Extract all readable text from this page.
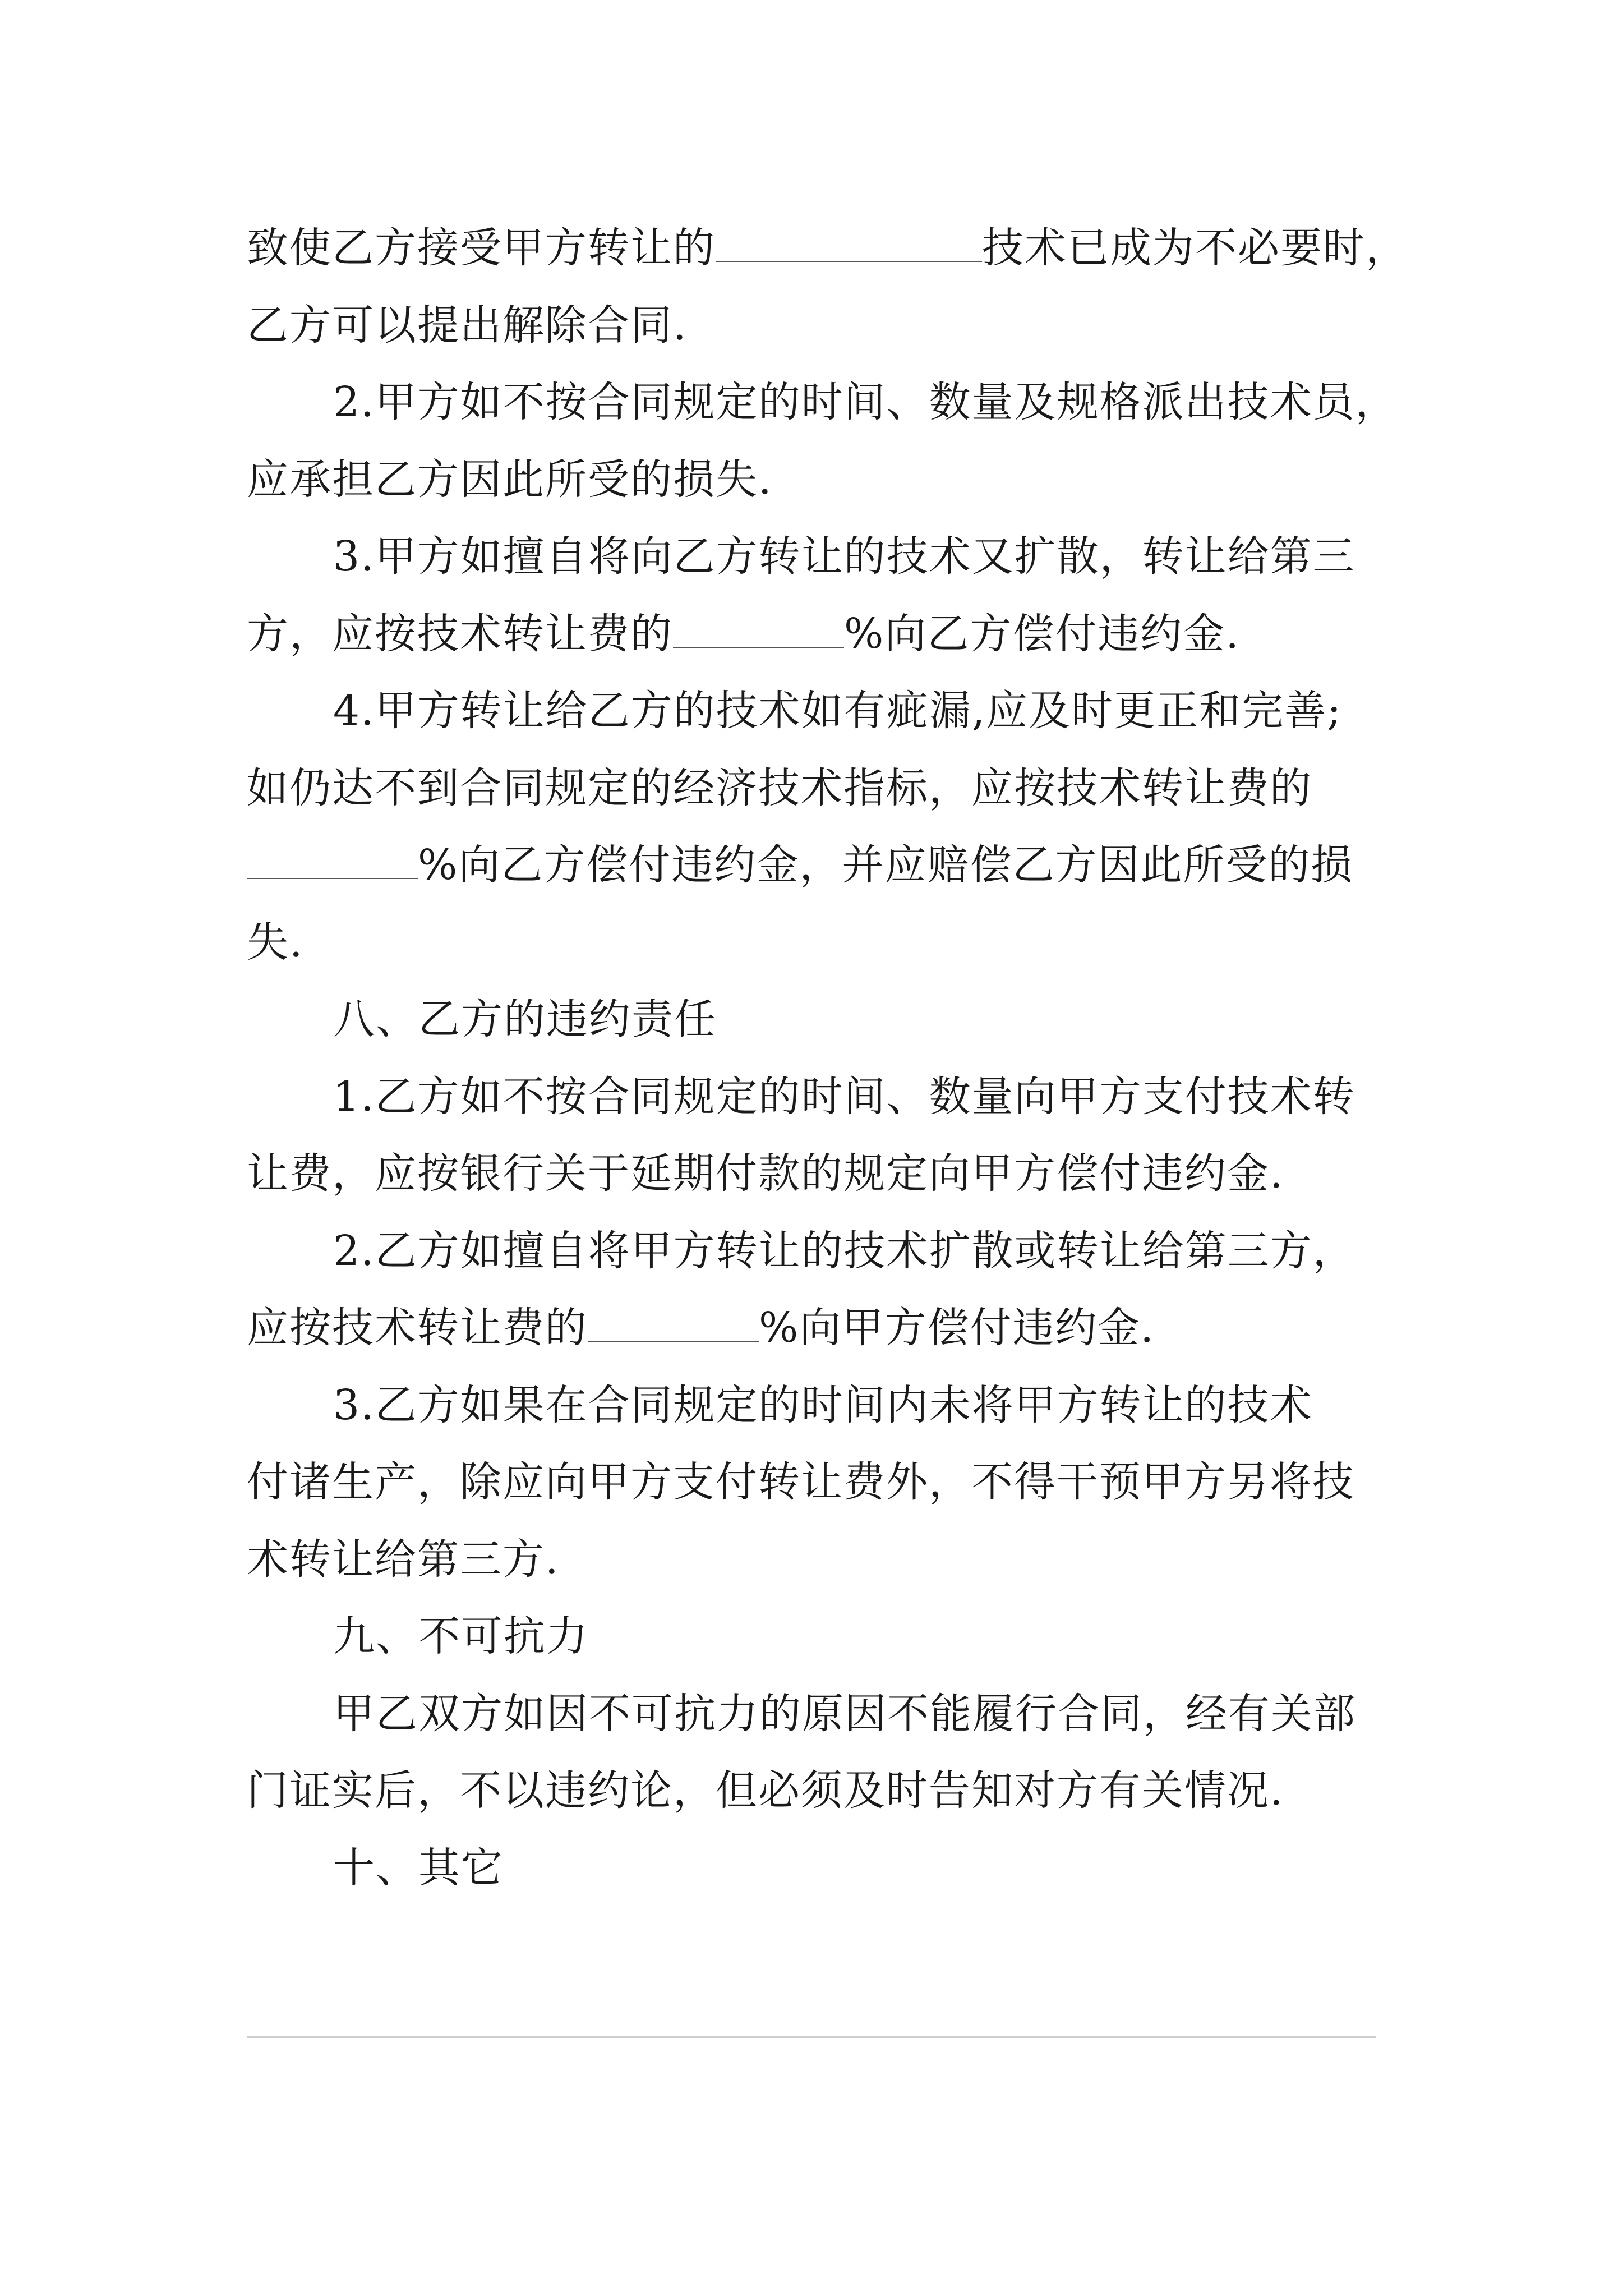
致使乙方接受甲方转让的	技术已成为不必要时，
乙方可以提出解除合同.
2.甲方如不按合同规定的时间、数量及规格派出技术员，
应承担乙方因此所受的损失.
3.甲方如擅自将向乙方转让的技术又扩散，转让给第三
方，应按技术转让费的	%向乙方偿付违约金.
4.甲方转让给乙方的技术如有疵漏,应及时更正和完善;
如仍达不到合同规定的经济技术指标，应按技术转让费的
%向乙方偿付违约金，并应赔偿乙方因此所受的损
失.
八、乙方的违约责任
1.乙方如不按合同规定的时间、数量向甲方支付技术转
让费，应按银行关于延期付款的规定向甲方偿付违约金.
2.乙方如擅自将甲方转让的技术扩散或转让给第三方，
应按技术转让费的	%向甲方偿付违约金.
3.乙方如果在合同规定的时间内未将甲方转让的技术
付诸生产，除应向甲方支付转让费外，不得干预甲方另将技
术转让给第三方.
九、不可抗力
甲乙双方如因不可抗力的原因不能履行合同，经有关部
门证实后，不以违约论，但必须及时告知对方有关情况.
十、其它
